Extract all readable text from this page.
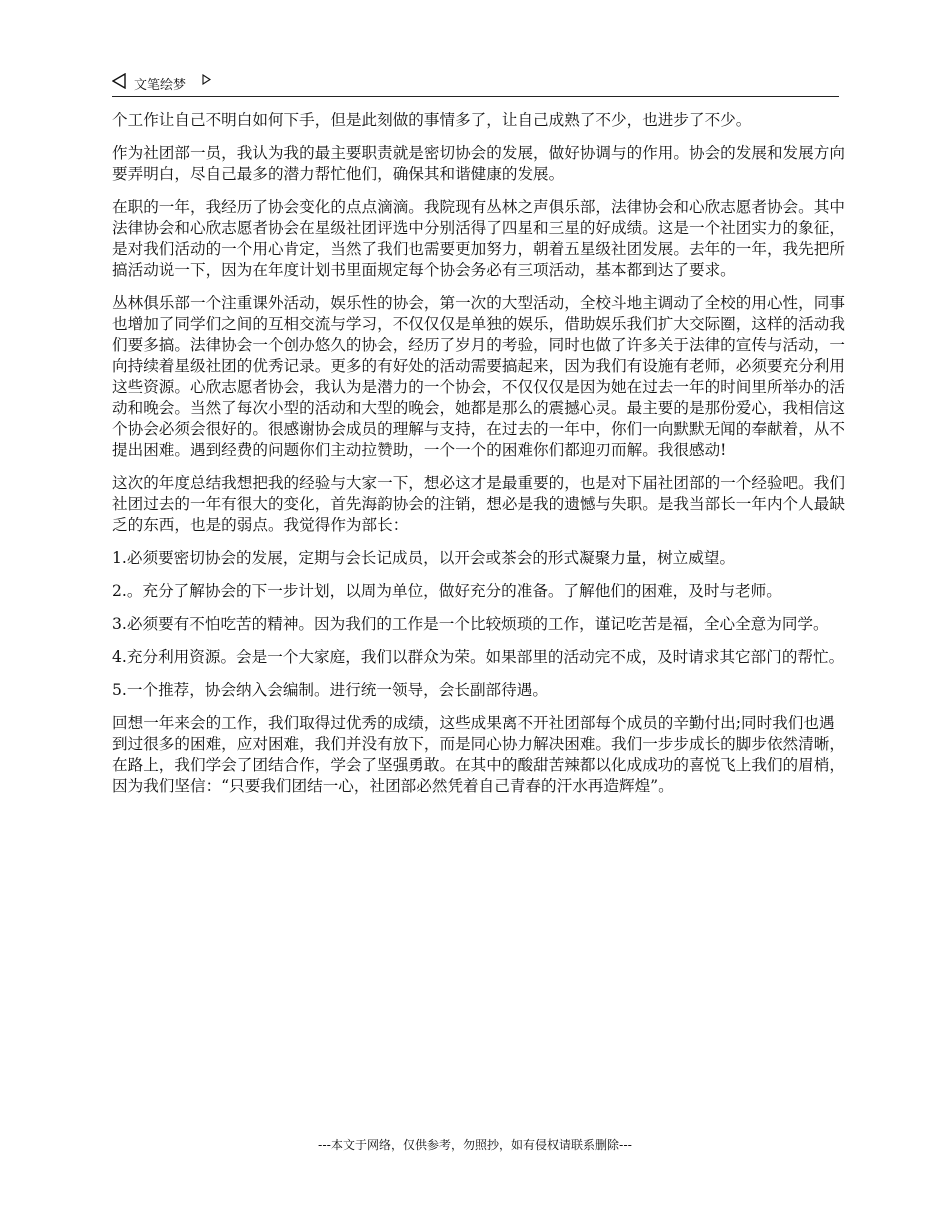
文笔绘梦

个工作让自己不明白如何下手，但是此刻做的事情多了，让自己成熟了不少，也进步了不少。

作为社团部一员，我认为我的最主要职责就是密切协会的发展，做好协调与的作用。协会的发展和发展方向要弄明白，尽自己最多的潜力帮忙他们，确保其和谐健康的发展。

在职的一年，我经历了协会变化的点点滴滴。我院现有丛林之声俱乐部，法律协会和心欣志愿者协会。其中法律协会和心欣志愿者协会在星级社团评选中分别活得了四星和三星的好成绩。这是一个社团实力的象征，是对我们活动的一个用心肯定，当然了我们也需要更加努力，朝着五星级社团发展。去年的一年，我先把所搞活动说一下，因为在年度计划书里面规定每个协会务必有三项活动，基本都到达了要求。

丛林俱乐部一个注重课外活动，娱乐性的协会，第一次的大型活动，全校斗地主调动了全校的用心性，同事也增加了同学们之间的互相交流与学习，不仅仅仅是单独的娱乐，借助娱乐我们扩大交际圈，这样的活动我们要多搞。法律协会一个创办悠久的协会，经历了岁月的考验，同时也做了许多关于法律的宣传与活动，一向持续着星级社团的优秀记录。更多的有好处的活动需要搞起来，因为我们有设施有老师，必须要充分利用这些资源。心欣志愿者协会，我认为是潜力的一个协会，不仅仅仅是因为她在过去一年的时间里所举办的活动和晚会。当然了每次小型的活动和大型的晚会，她都是那么的震撼心灵。最主要的是那份爱心，我相信这个协会必须会很好的。很感谢协会成员的理解与支持，在过去的一年中，你们一向默默无闻的奉献着，从不提出困难。遇到经费的问题你们主动拉赞助，一个一个的困难你们都迎刃而解。我很感动!

这次的年度总结我想把我的经验与大家一下，想必这才是最重要的，也是对下届社团部的一个经验吧。我们社团过去的一年有很大的变化，首先海韵协会的注销，想必是我的遗憾与失职。是我当部长一年内个人最缺乏的东西，也是的弱点。我觉得作为部长：

1.必须要密切协会的发展，定期与会长记成员，以开会或茶会的形式凝聚力量，树立威望。

2.。充分了解协会的下一步计划，以周为单位，做好充分的准备。了解他们的困难，及时与老师。

3.必须要有不怕吃苦的精神。因为我们的工作是一个比较烦琐的工作，谨记吃苦是福，全心全意为同学。

4.充分利用资源。会是一个大家庭，我们以群众为荣。如果部里的活动完不成，及时请求其它部门的帮忙。

5.一个推荐，协会纳入会编制。进行统一领导，会长副部待遇。

回想一年来会的工作，我们取得过优秀的成绩，这些成果离不开社团部每个成员的辛勤付出;同时我们也遇到过很多的困难，应对困难，我们并没有放下，而是同心协力解决困难。我们一步步成长的脚步依然清晰，在路上，我们学会了团结合作，学会了坚强勇敢。在其中的酸甜苦辣都以化成成功的喜悦飞上我们的眉梢，因为我们坚信：“只要我们团结一心，社团部必然凭着自己青春的汗水再造辉煌”。

---本文于网络，仅供参考，勿照抄，如有侵权请联系删除---
